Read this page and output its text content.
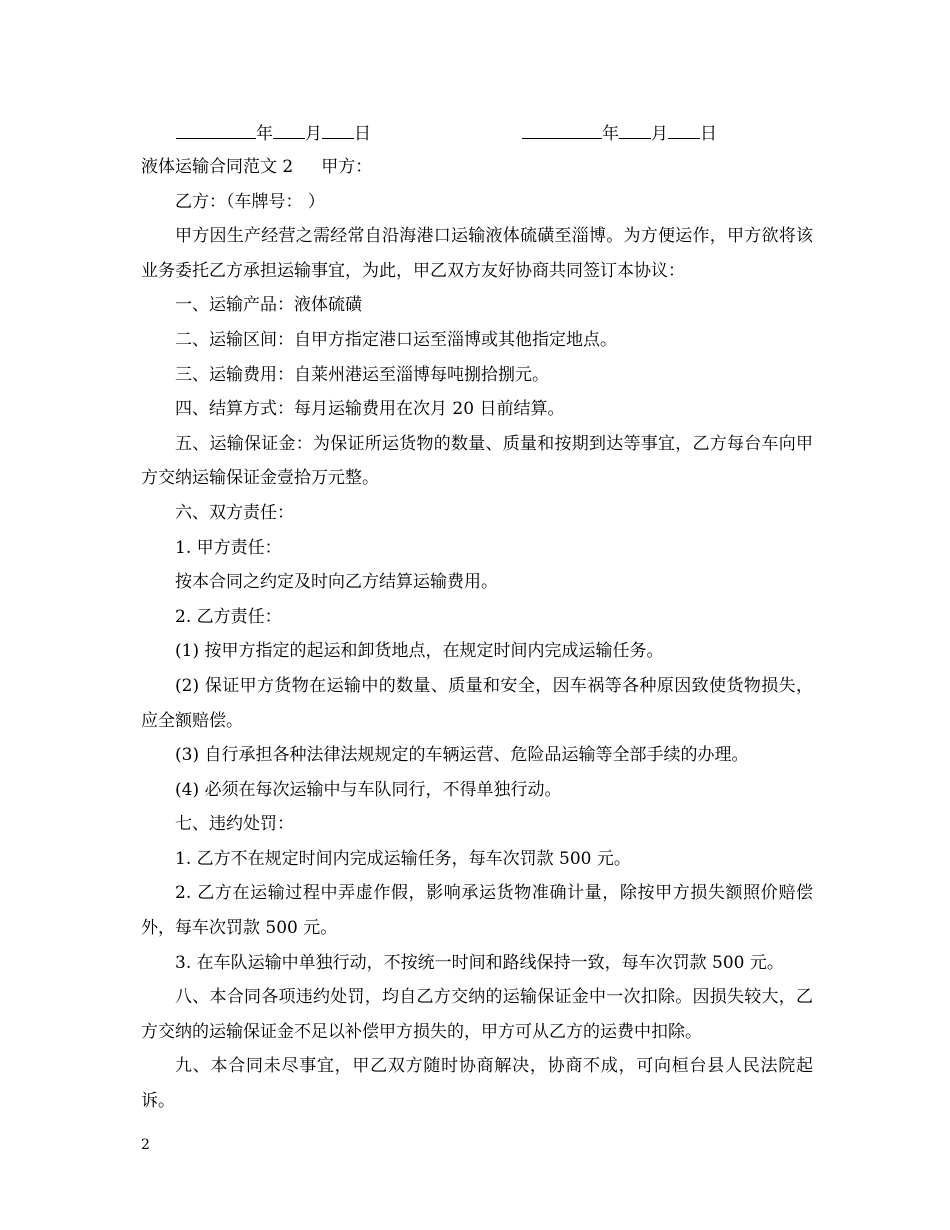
年 月 日	年 月 日

液体运输合同范文 2 甲方：

乙方：（车牌号： ）

甲方因生产经营之需经常自沿海港口运输液体硫磺至淄博。为方便运作，甲方欲将该业务委托乙方承担运输事宜，为此，甲乙双方友好协商共同签订本协议：

一、运输产品：液体硫磺

二、运输区间：自甲方指定港口运至淄博或其他指定地点。

三、运输费用：自莱州港运至淄博每吨捌拾捌元。

四、结算方式：每月运输费用在次月 20 日前结算。

五、运输保证金：为保证所运货物的数量、质量和按期到达等事宜，乙方每台车向甲方交纳运输保证金壹拾万元整。

六、双方责任：

1. 甲方责任：

按本合同之约定及时向乙方结算运输费用。

2. 乙方责任：

(1) 按甲方指定的起运和卸货地点，在规定时间内完成运输任务。

(2) 保证甲方货物在运输中的数量、质量和安全，因车祸等各种原因致使货物损失，应全额赔偿。

(3) 自行承担各种法律法规规定的车辆运营、危险品运输等全部手续的办理。

(4) 必须在每次运输中与车队同行，不得单独行动。

七、违约处罚：

1. 乙方不在规定时间内完成运输任务，每车次罚款 500 元。

2. 乙方在运输过程中弄虚作假，影响承运货物准确计量，除按甲方损失额照价赔偿外，每车次罚款 500 元。

3. 在车队运输中单独行动，不按统一时间和路线保持一致，每车次罚款 500 元。

八、本合同各项违约处罚，均自乙方交纳的运输保证金中一次扣除。因损失较大，乙方交纳的运输保证金不足以补偿甲方损失的，甲方可从乙方的运费中扣除。

九、本合同未尽事宜，甲乙双方随时协商解决，协商不成，可向桓台县人民法院起诉。

2
